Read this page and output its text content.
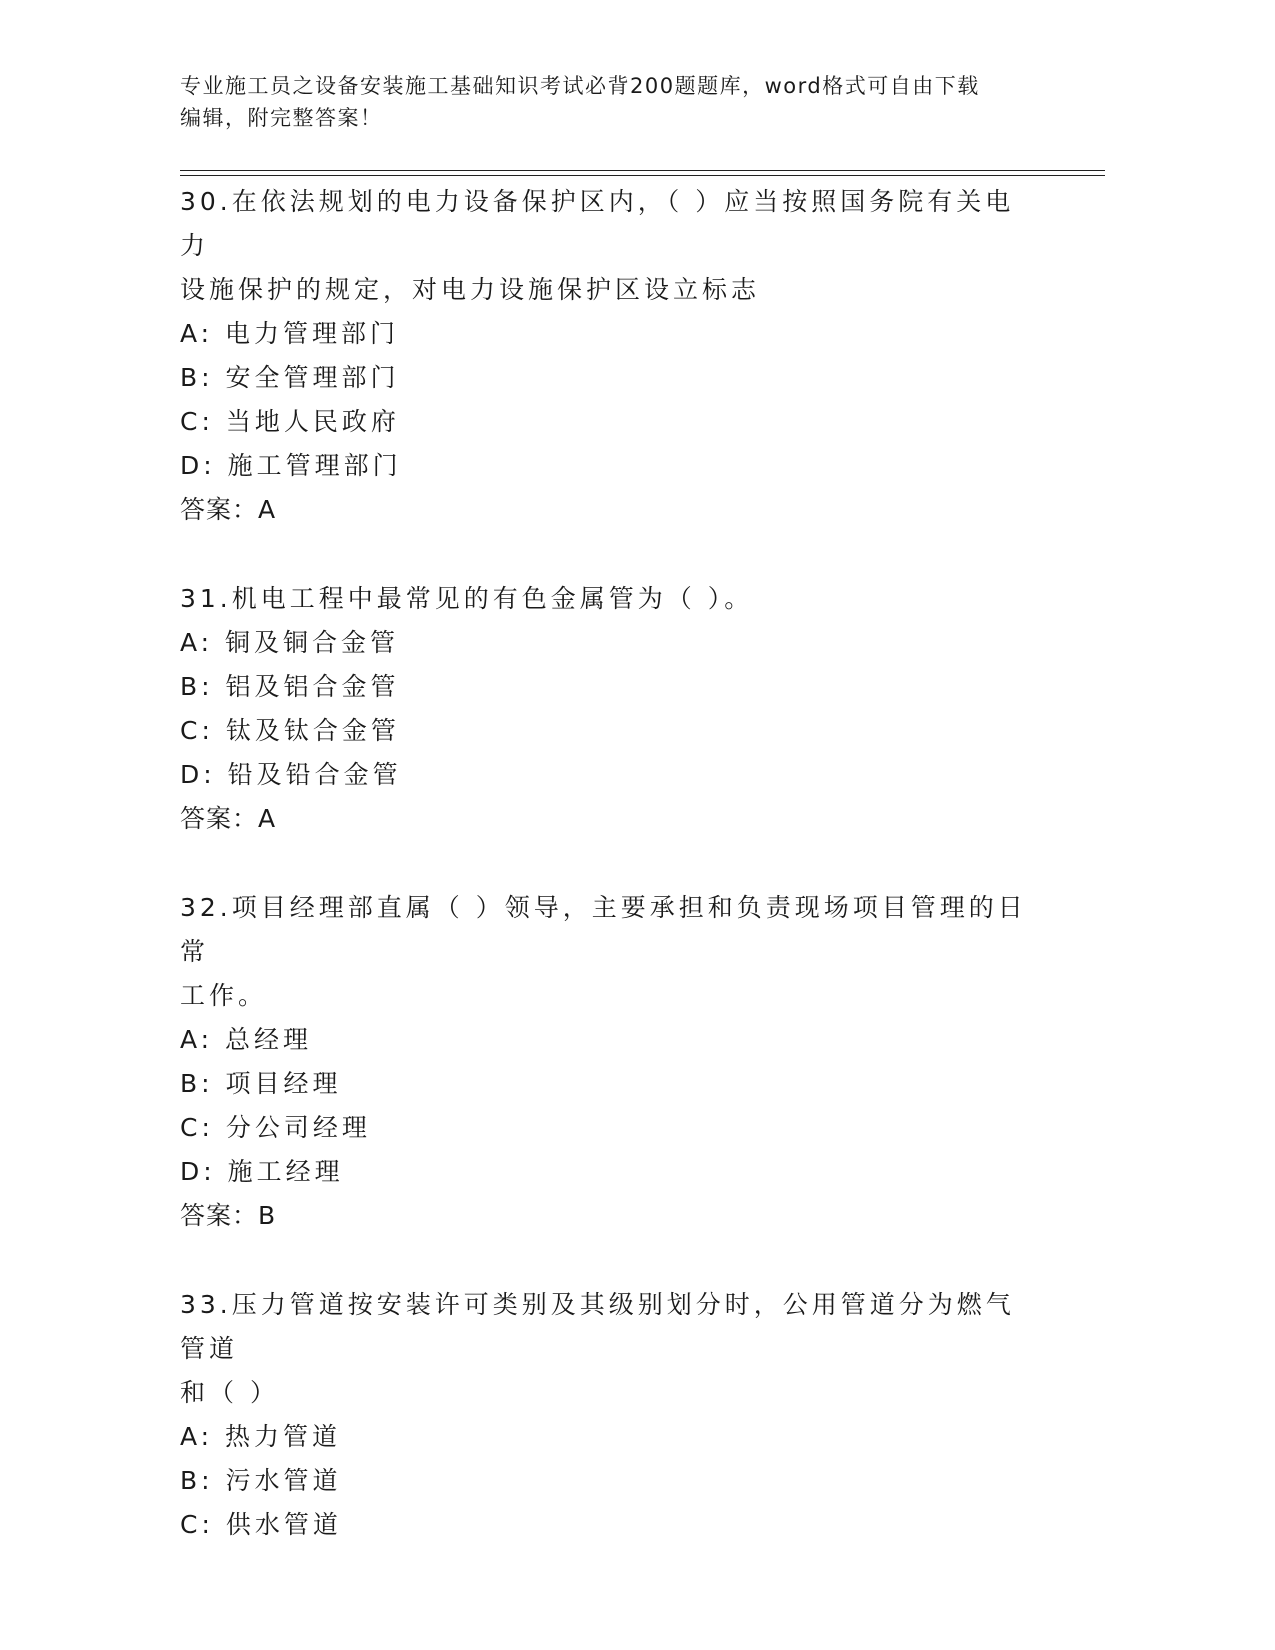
专业施工员之设备安装施工基础知识考试必背200题题库，word格式可自由下载
编辑，附完整答案！
30.在依法规划的电力设备保护区内，（ ）应当按照国务院有关电力
设施保护的规定，对电力设施保护区设立标志
A: 电力管理部门
B: 安全管理部门
C: 当地人民政府
D: 施工管理部门
答案：A
31.机电工程中最常见的有色金属管为（ ）。
A: 铜及铜合金管
B: 铝及铝合金管
C: 钛及钛合金管
D: 铅及铅合金管
答案：A
32.项目经理部直属（ ）领导，主要承担和负责现场项目管理的日常
工作。
A: 总经理
B: 项目经理
C: 分公司经理
D: 施工经理
答案：B
33.压力管道按安装许可类别及其级别划分时，公用管道分为燃气管道
和（ ）
A: 热力管道
B: 污水管道
C: 供水管道
